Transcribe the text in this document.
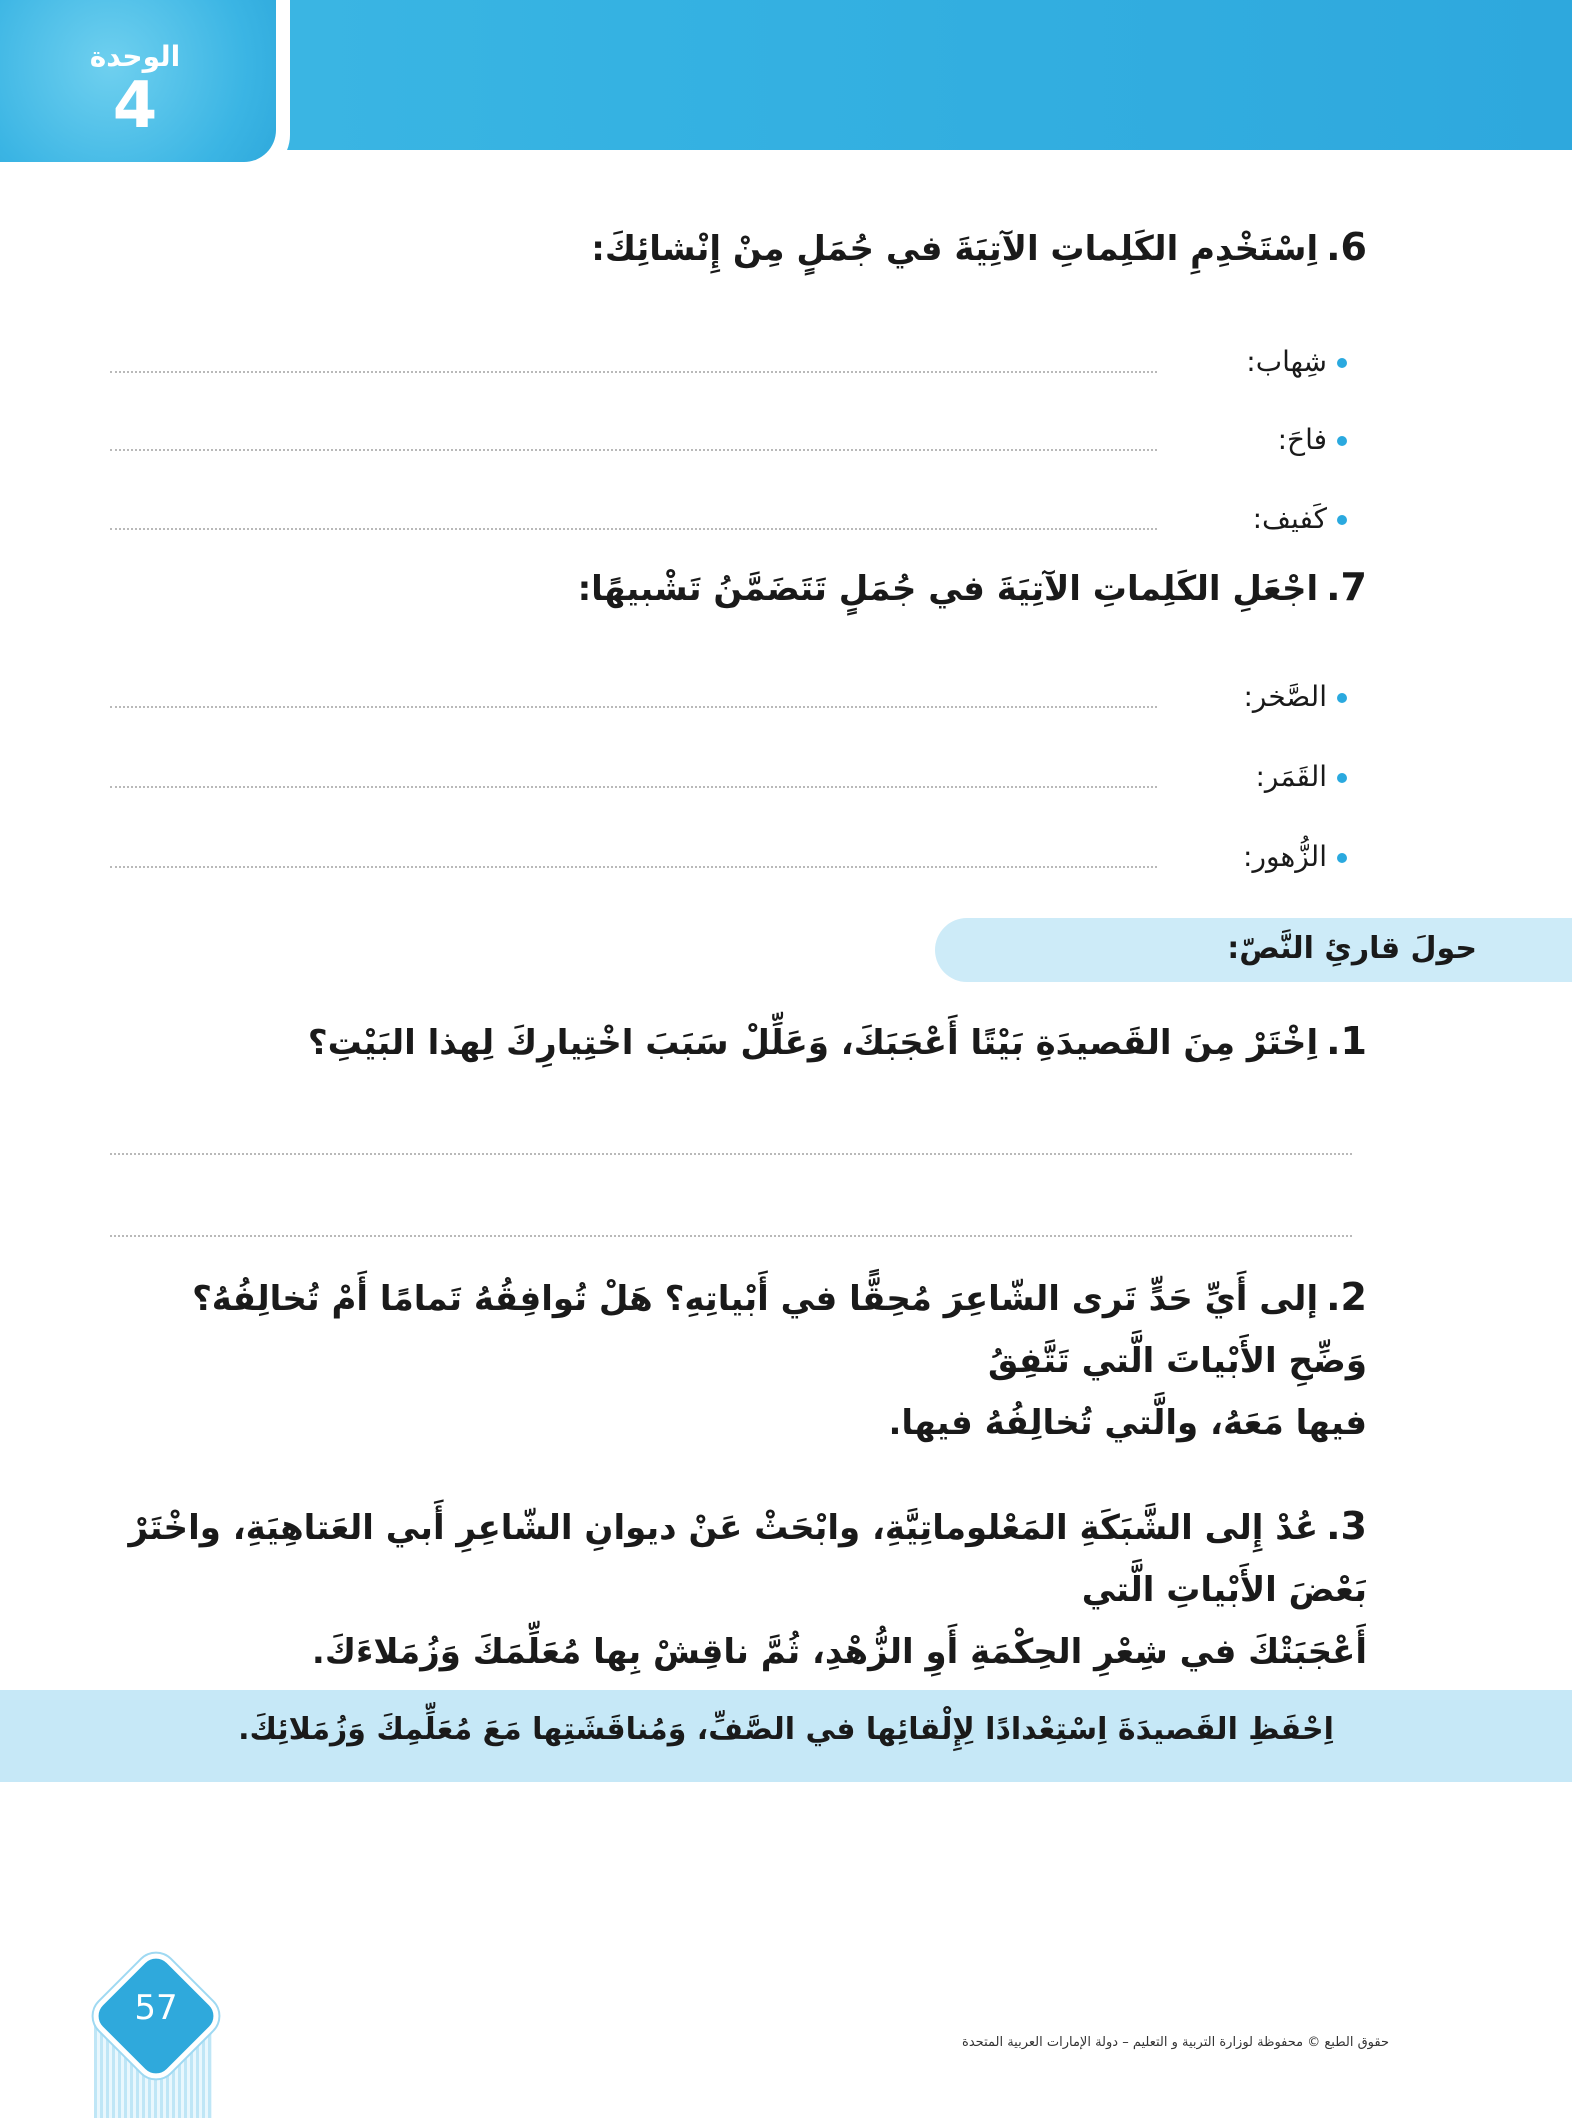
الوحدة
4
6.اِسْتَخْدِمِ الكَلِماتِ الآتِيَةَ في جُمَلٍ مِنْ إِنْشائِكَ:
شِهاب:
فاحَ:
كَفيف:
7.اجْعَلِ الكَلِماتِ الآتِيَةَ في جُمَلٍ تَتَضَمَّنُ تَشْبيهًا:
الصَّخر:
القَمَر:
الزُّهور:
حولَ قارئِ النَّصّ:
1.اِخْتَرْ مِنَ القَصيدَةِ بَيْتًا أَعْجَبَكَ، وَعَلِّلْ سَبَبَ اخْتِيارِكَ لِهذا البَيْتِ؟
2.إلى أَيِّ حَدٍّ تَرى الشّاعِرَ مُحِقًّا في أَبْياتِهِ؟ هَلْ تُوافِقُهُ تَمامًا أَمْ تُخالِفُهُ؟ وَضِّحِ الأَبْياتَ الَّتي تَتَّفِقُ
فيها مَعَهُ، والَّتي تُخالِفُهُ فيها.
3.عُدْ إِلى الشَّبَكَةِ المَعْلوماتِيَّةِ، وابْحَثْ عَنْ ديوانِ الشّاعِرِ أَبي العَتاهِيَةِ، واخْتَرْ بَعْضَ الأَبْياتِ الَّتي
أَعْجَبَتْكَ في شِعْرِ الحِكْمَةِ أَوِ الزُّهْدِ، ثُمَّ ناقِشْ بِها مُعَلِّمَكَ وَزُمَلاءَكَ.
اِحْفَظِ القَصيدَةَ اِسْتِعْدادًا لِإِلْقائِها في الصَّفِّ، وَمُناقَشَتِها مَعَ مُعَلِّمِكَ وَزُمَلائِكَ.
57
حقوق الطبع © محفوظة لوزارة التربية و التعليم – دولة الإمارات العربية المتحدة
